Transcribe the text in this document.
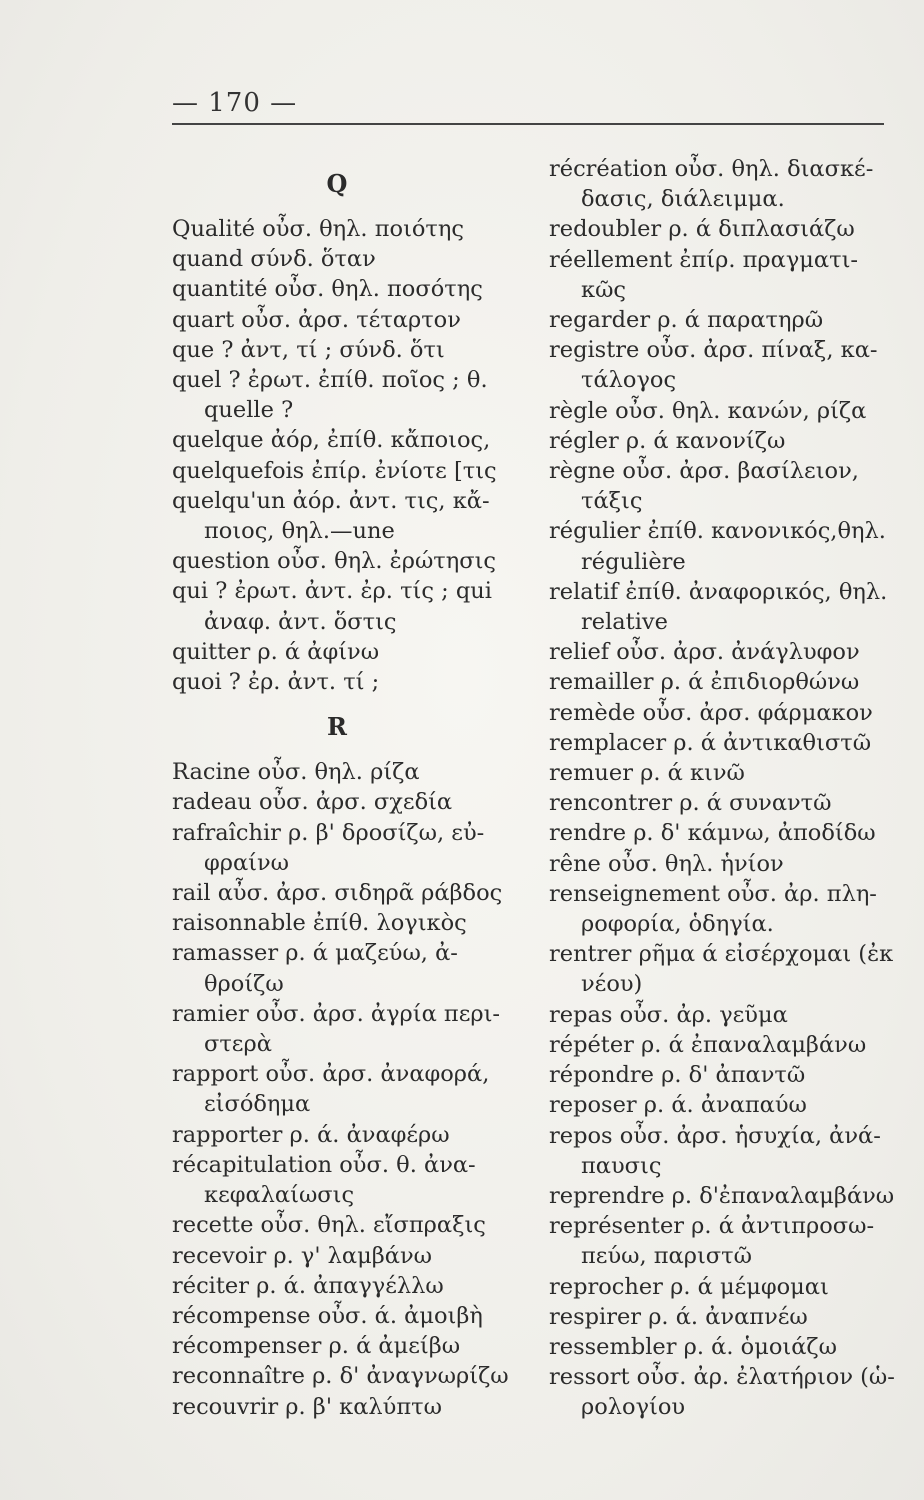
— 170 —
Q
Qualité οὖσ. θηλ. ποιότης
quand σύνδ. ὅταν
quantité οὖσ. θηλ. ποσότης
quart οὖσ. ἀρσ. τέταρτον
que ? ἀντ, τί ; σύνδ. ὅτι
quel ? ἐρωτ. ἐπίθ. ποῖος ; θ.
quelle ?
quelque ἀόρ, ἐπίθ. κἄποιος,
quelquefois ἐπίρ. ἐνίοτε [τις
quelqu'un ἀόρ. ἀντ. τις, κἄ-
ποιος, θηλ.—une
question οὖσ. θηλ. ἐρώτησις
qui ? ἐρωτ. ἀντ. ἐρ. τίς ; qui
ἀναφ. ἀντ. ὅστις
quitter ρ. ά ἀφίνω
quoi ? ἐρ. ἀντ. τί ;
R
Racine οὖσ. θηλ. ρίζα
radeau οὖσ. ἀρσ. σχεδία
rafraîchir ρ. β' δροσίζω, εὐ-
φραίνω
rail αὖσ. ἀρσ. σιδηρᾶ ράβδος
raisonnable ἐπίθ. λογικὸς
ramasser ρ. ά μαζεύω, ἀ-
θροίζω
ramier οὖσ. ἀρσ. ἀγρία περι-
στερὰ
rapport οὖσ. ἀρσ. ἀναφορά,
εἰσόδημα
rapporter ρ. ά. ἀναφέρω
récapitulation οὖσ. θ. ἀνα-
κεφαλαίωσις
recette οὖσ. θηλ. εἴσπραξις
recevoir ρ. γ' λαμβάνω
réciter ρ. ά. ἀπαγγέλλω
récompense οὖσ. ά. ἀμοιβὴ
récompenser ρ. ά ἀμείβω
reconnaître ρ. δ' ἀναγνωρίζω
recouvrir ρ. β' καλύπτω
récréation οὖσ. θηλ. διασκέ-
δασις, διάλειμμα.
redoubler ρ. ά διπλασιάζω
réellement ἐπίρ. πραγματι-
κῶς
regarder ρ. ά παρατηρῶ
registre οὖσ. ἀρσ. πίναξ, κα-
τάλογος
règle οὖσ. θηλ. κανών, ρίζα
régler ρ. ά κανονίζω
règne οὖσ. ἀρσ. βασίλειον,
τάξις
régulier ἐπίθ. κανονικός,θηλ.
régulière
relatif ἐπίθ. ἀναφορικός, θηλ.
relative
relief οὖσ. ἀρσ. ἀνάγλυφον
remailler ρ. ά ἐπιδιορθώνω
remède οὖσ. ἀρσ. φάρμακον
remplacer ρ. ά ἀντικαθιστῶ
remuer ρ. ά κινῶ
rencontrer ρ. ά συναντῶ
rendre ρ. δ' κάμνω, ἀποδίδω
rêne οὖσ. θηλ. ἡνίον
renseignement οὖσ. ἀρ. πλη-
ροφορία, ὁδηγία.
rentrer ρῆμα ά εἰσέρχομαι (ἐκ
νέου)
repas οὖσ. ἀρ. γεῦμα
répéter ρ. ά ἐπαναλαμβάνω
répondre ρ. δ' ἀπαντῶ
reposer ρ. ά. ἀναπαύω
repos οὖσ. ἀρσ. ἡσυχία, ἀνά-
παυσις
reprendre ρ. δ'ἐπαναλαμβάνω
représenter ρ. ά ἀντιπροσω-
πεύω, παριστῶ
reprocher ρ. ά μέμφομαι
respirer ρ. ά. ἀναπνέω
ressembler ρ. ά. ὁμοιάζω
ressort οὖσ. ἀρ. ἐλατήριον (ὡ-
ρολογίου
